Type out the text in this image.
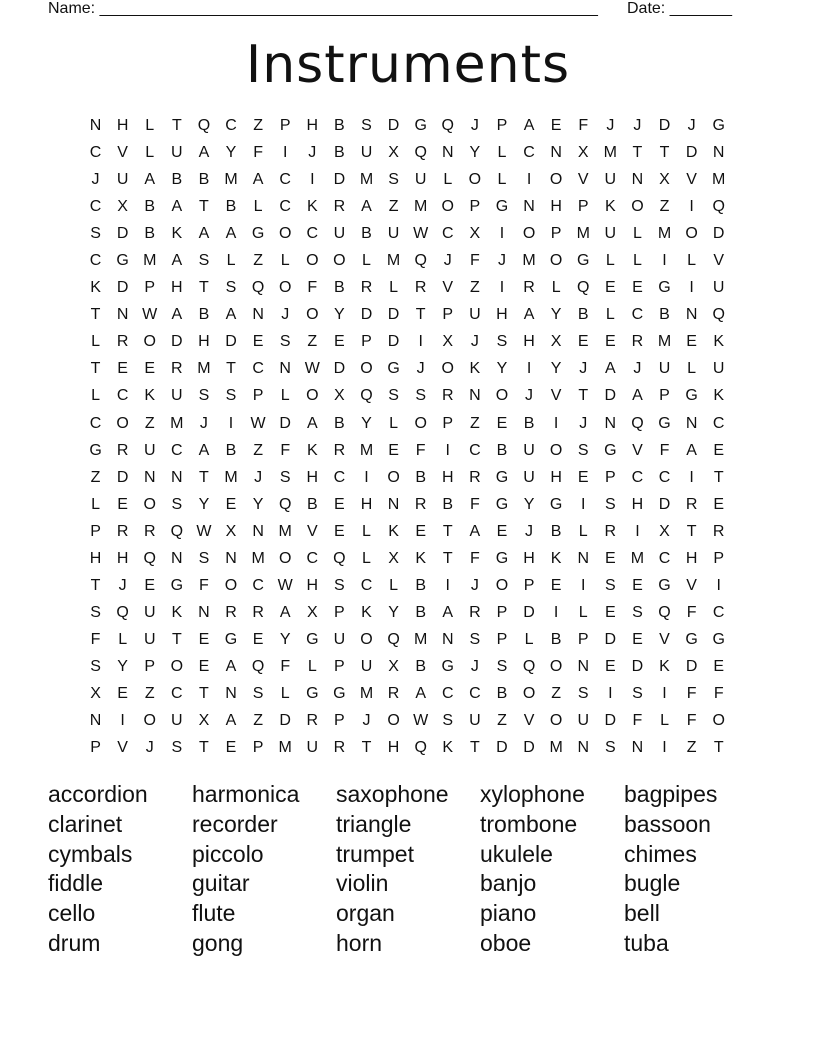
Name: ________________________________________________________ Date: _______
Instruments
N H L T Q C Z P H B S D G Q J P A E F J J D J G
C V L U A Y F I J B U X Q N Y L C N X M T T D N
J U A B B M A C I D M S U L O L I O V U N X V M
C X B A T B L C K R A Z M O P G N H P K O Z I Q
S D B K A A G O C U B U W C X I O P M U L M O D
C G M A S L Z L O O L M Q J F J M O G L L I L V
K D P H T S Q O F B R L R V Z I R L Q E E G I U
T N W A B A N J O Y D D T P U H A Y B L C B N Q
L R O D H D E S Z E P D I X J S H X E E R M E K
T E E R M T C N W D O G J O K Y I Y J A J U L U
L C K U S S P L O X Q S S R N O J V T D A P G K
C O Z M J I W D A B Y L O P Z E B I J N Q G N C
G R U C A B Z F K R M E F I C B U O S G V F A E
Z D N N T M J S H C I O B H R G U H E P C C I T
L E O S Y E Y Q B E H N R B F G Y G I S H D R E
P R R Q W X N M V E L K E T A E J B L R I X T R
H H Q N S N M O C Q L X K T F G H K N E M C H P
T J E G F O C W H S C L B I J O P E I S E G V I
S Q U K N R R A X P K Y B A R P D I L E S Q F C
F L U T E G E Y G U O Q M N S P L B P D E V G G
S Y P O E A Q F L P U X B G J S Q O N E D K D E
X E Z C T N S L G G M R A C C B O Z S I S I F F
N I O U X A Z D R P J O W S U Z V O U D F L F O
P V J S T E P M U R T H Q K T D D M N S N I Z T
accordion harmonica saxophone xylophone bagpipes
clarinet	recorder	triangle	trombone bassoon
cymbals	piccolo	trumpet	ukulele	chimes
fiddle	guitar	violin	banjo	bugle
cello	flute	organ	piano	bell
drum	gong	horn	oboe	tuba
